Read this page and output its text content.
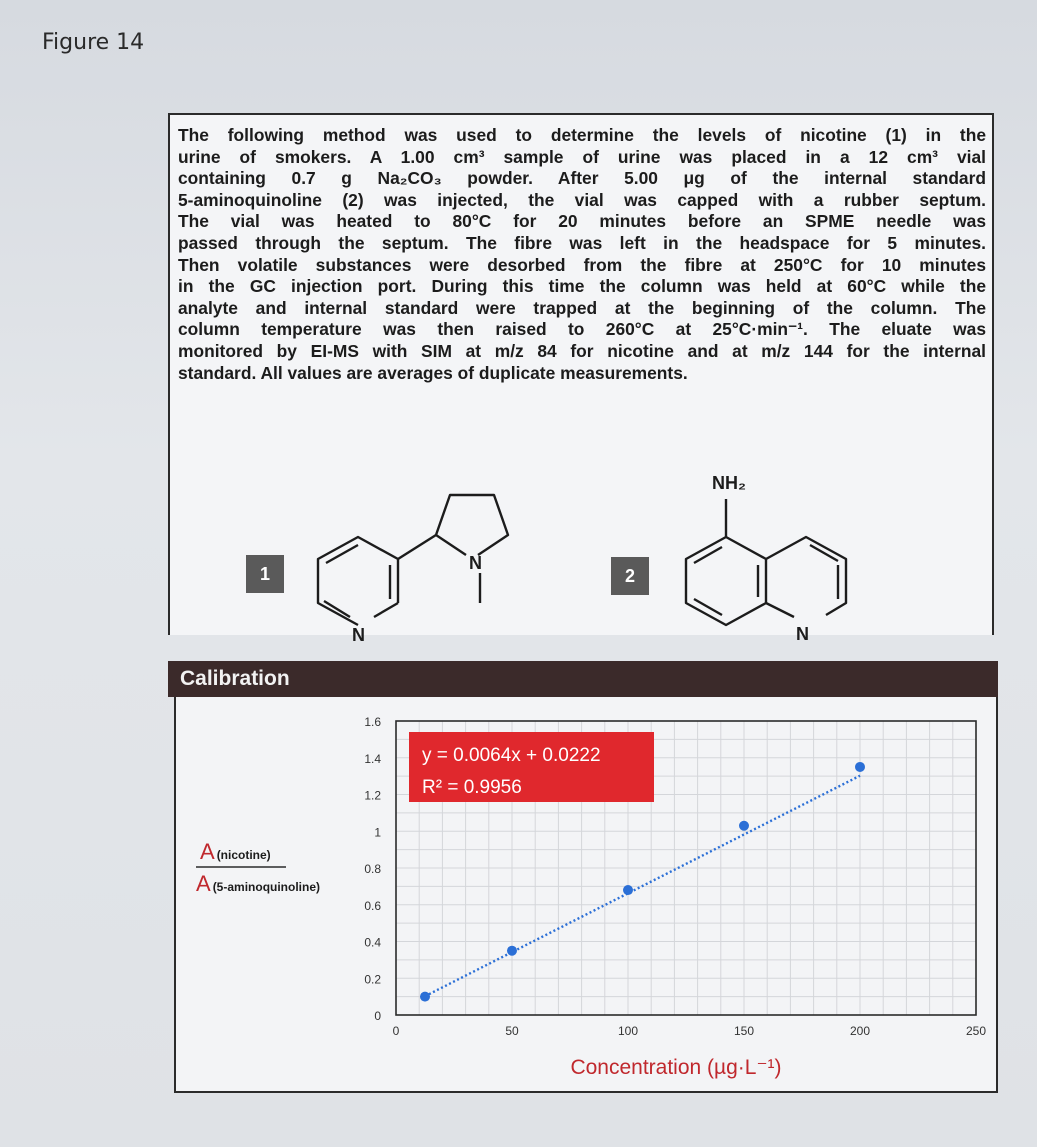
Figure 14

The following method was used to determine the levels of nicotine (1) in the
urine of smokers. A 1.00 cm³ sample of urine was placed in a 12 cm³ vial
containing 0.7 g Na₂CO₃ powder. After 5.00 μg of the internal standard
5-aminoquinoline (2) was injected, the vial was capped with a rubber septum.
The vial was heated to 80°C for 20 minutes before an SPME needle was
passed through the septum. The fibre was left in the headspace for 5 minutes.
Then volatile substances were desorbed from the fibre at 250°C for 10 minutes
in the GC injection port. During this time the column was held at 60°C while the
analyte and internal standard were trapped at the beginning of the column. The
column temperature was then raised to 260°C at 25°C·min⁻¹. The eluate was
monitored by EI-MS with SIM at m/z 84 for nicotine and at m/z 144 for the internal
standard. All values are averages of duplicate measurements.

1
N
N
2
N
NH₂
Calibration
0
0.2
0.4
0.6
0.8
1
1.2
1.4
1.6
0	50	100	150	200	250
y = 0.0064x + 0.0222
R² = 0.9956
A (nicotine)
A (5-aminoquinoline)
Concentration (µg·L⁻¹)
